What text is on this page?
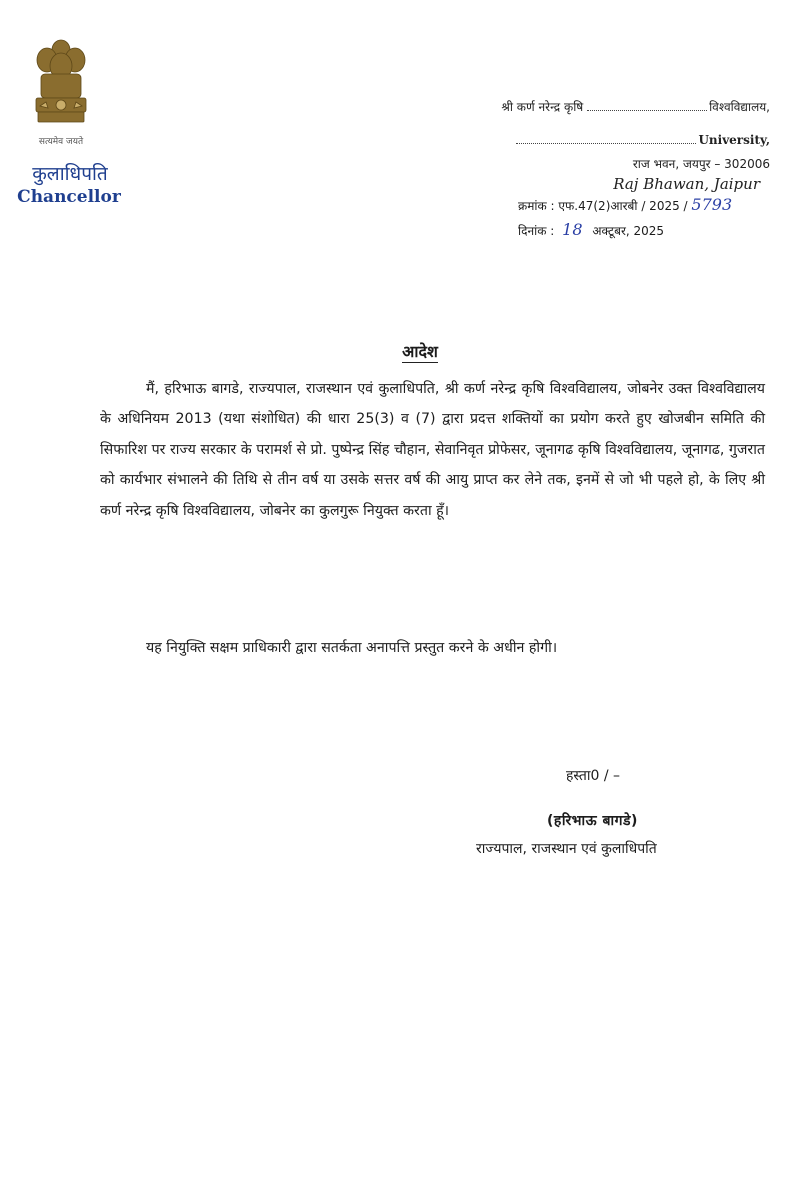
सत्यमेव जयते
कुलाधिपति
Chancellor
श्री कर्ण नरेन्द्र कृषि	विश्वविद्यालय,
University,
राज भवन, जयपुर – 302006
Raj Bhawan, Jaipur
क्रमांक : एफ.47(2)आरबी / 2025 / 5793
दिनांक : 18 अक्टूबर, 2025
आदेश
मैं, हरिभाऊ बागडे, राज्यपाल, राजस्थान एवं कुलाधिपति, श्री कर्ण नरेन्द्र कृषि विश्वविद्यालय, जोबनेर उक्त विश्वविद्यालय के अधिनियम 2013 (यथा संशोधित) की धारा 25(3) व (7) द्वारा प्रदत्त शक्तियों का प्रयोग करते हुए खोजबीन समिति की सिफारिश पर राज्य सरकार के परामर्श से प्रो. पुष्पेन्द्र सिंह चौहान, सेवानिवृत प्रोफेसर, जूनागढ कृषि विश्वविद्यालय, जूनागढ, गुजरात को कार्यभार संभालने की तिथि से तीन वर्ष या उसके सत्तर वर्ष की आयु प्राप्त कर लेने तक, इनमें से जो भी पहले हो, के लिए श्री कर्ण नरेन्द्र कृषि विश्वविद्यालय, जोबनेर का कुलगुरू नियुक्त करता हूँ।
यह नियुक्ति सक्षम प्राधिकारी द्वारा सतर्कता अनापत्ति प्रस्तुत करने के अधीन होगी।
हस्ता0 / –
(हरिभाऊ बागडे)
राज्यपाल, राजस्थान एवं कुलाधिपति
